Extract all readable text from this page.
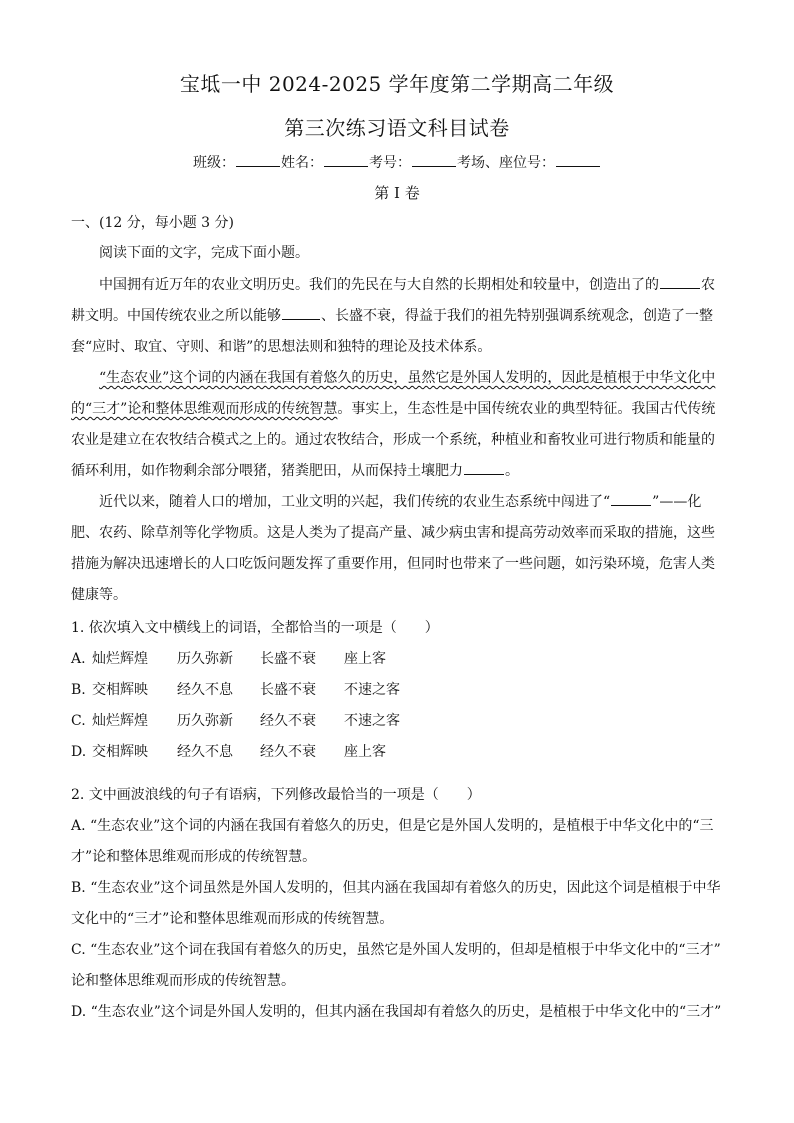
宝坻一中 2024-2025 学年度第二学期高二年级
第三次练习语文科目试卷
班级：	姓名：	考号：	考场、座位号：
第 I 卷
一、(12 分，每小题 3 分)
阅读下面的文字，完成下面小题。
中国拥有近万年的农业文明历史。我们的先民在与大自然的长期相处和较量中，创造出了的	农
耕文明。中国传统农业之所以能够	、长盛不衰，得益于我们的祖先特别强调系统观念，创造了一整
套“应时、取宜、守则、和谐”的思想法则和独特的理论及技术体系。
“生态农业”这个词的内涵在我国有着悠久的历史，虽然它是外国人发明的，因此是植根于中华文化中
的“三才”论和整体思维观而形成的传统智慧。事实上，生态性是中国传统农业的典型特征。我国古代传统
农业是建立在农牧结合模式之上的。通过农牧结合，形成一个系统，种植业和畜牧业可进行物质和能量的
循环利用，如作物剩余部分喂猪，猪粪肥田，从而保持土壤肥力	。
近代以来，随着人口的增加，工业文明的兴起，我们传统的农业生态系统中闯进了“	”——化
肥、农药、除草剂等化学物质。这是人类为了提高产量、减少病虫害和提高劳动效率而采取的措施，这些
措施为解决迅速增长的人口吃饭问题发挥了重要作用，但同时也带来了一些问题，如污染环境，危害人类
健康等。
1. 依次填入文中横线上的词语，全都恰当的一项是（　　）
A. 灿烂辉煌 历久弥新 长盛不衰 座上客
B. 交相辉映 经久不息 长盛不衰 不速之客
C. 灿烂辉煌 历久弥新 经久不衰 不速之客
D. 交相辉映 经久不息 经久不衰 座上客
2. 文中画波浪线的句子有语病，下列修改最恰当的一项是（　　）
A. “生态农业”这个词的内涵在我国有着悠久的历史，但是它是外国人发明的，是植根于中华文化中的“三
才”论和整体思维观而形成的传统智慧。
B. “生态农业”这个词虽然是外国人发明的，但其内涵在我国却有着悠久的历史，因此这个词是植根于中华
文化中的“三才”论和整体思维观而形成的传统智慧。
C. “生态农业”这个词在我国有着悠久的历史，虽然它是外国人发明的，但却是植根于中华文化中的“三才”
论和整体思维观而形成的传统智慧。
D. “生态农业”这个词是外国人发明的，但其内涵在我国却有着悠久的历史，是植根于中华文化中的“三才”
